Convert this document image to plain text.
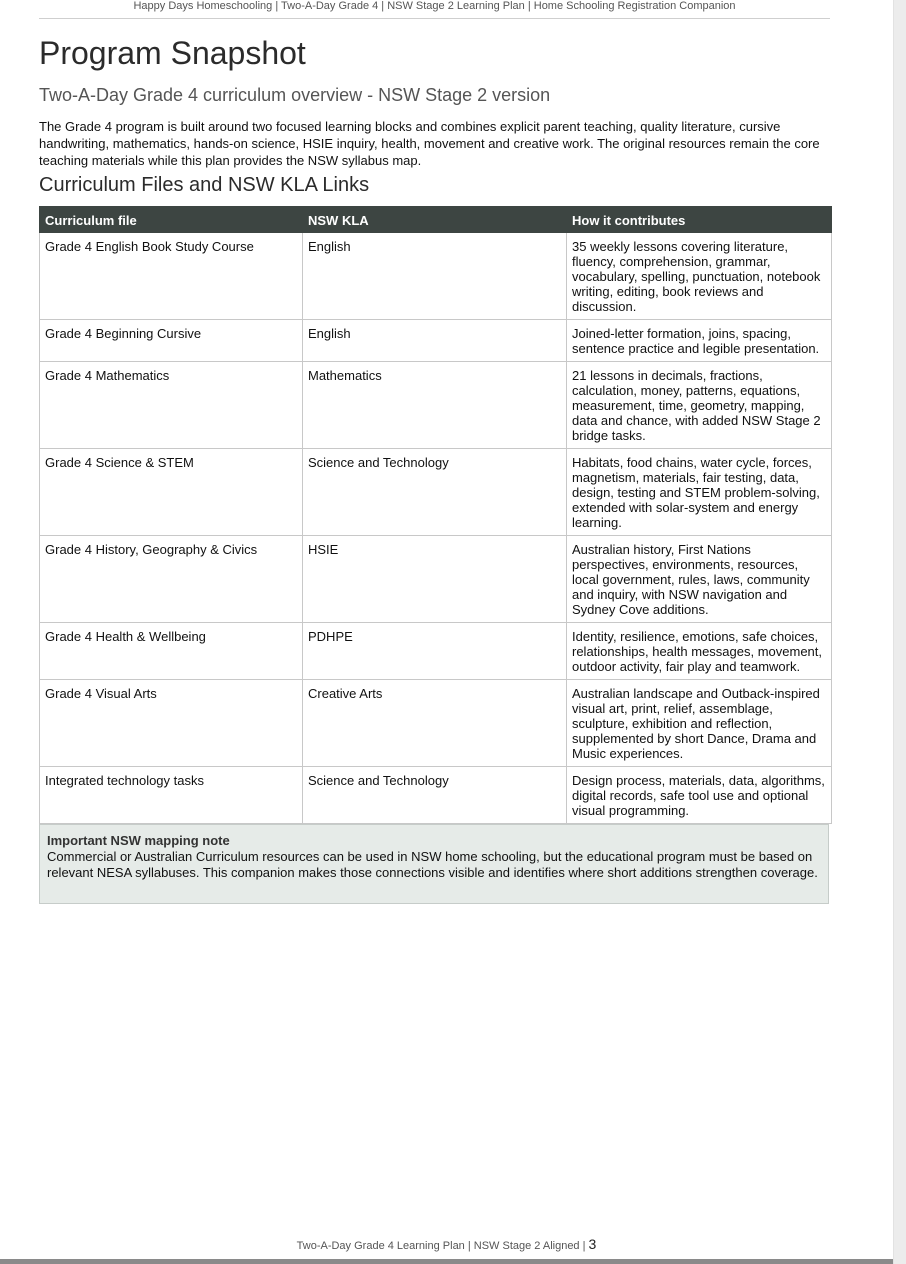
Happy Days Homeschooling | Two-A-Day Grade 4 | NSW Stage 2 Learning Plan | Home Schooling Registration Companion
Program Snapshot
Two-A-Day Grade 4 curriculum overview - NSW Stage 2 version

The Grade 4 program is built around two focused learning blocks and combines explicit parent teaching, quality literature, cursive handwriting, mathematics, hands-on science, HSIE inquiry, health, movement and creative work. The original resources remain the core teaching materials while this plan provides the NSW syllabus map.

Curriculum Files and NSW KLA Links
Curriculum file	NSW KLA	How it contributes
Grade 4 English Book Study Course	English	35 weekly lessons covering literature, fluency, comprehension, grammar, vocabulary, spelling, punctuation, notebook writing, editing, book reviews and discussion.
Grade 4 Beginning Cursive	English	Joined-letter formation, joins, spacing, sentence practice and legible presentation.
Grade 4 Mathematics	Mathematics	21 lessons in decimals, fractions, calculation, money, patterns, equations, measurement, time, geometry, mapping, data and chance, with added NSW Stage 2 bridge tasks.
Grade 4 Science & STEM	Science and Technology	Habitats, food chains, water cycle, forces, magnetism, materials, fair testing, data, design, testing and STEM problem-solving, extended with solar-system and energy learning.
Grade 4 History, Geography & Civics	HSIE	Australian history, First Nations perspectives, environments, resources, local government, rules, laws, community and inquiry, with NSW navigation and Sydney Cove additions.
Grade 4 Health & Wellbeing	PDHPE	Identity, resilience, emotions, safe choices, relationships, health messages, movement, outdoor activity, fair play and teamwork.
Grade 4 Visual Arts	Creative Arts	Australian landscape and Outback-inspired visual art, print, relief, assemblage, sculpture, exhibition and reflection, supplemented by short Dance, Drama and Music experiences.
Integrated technology tasks	Science and Technology	Design process, materials, data, algorithms, digital records, safe tool use and optional visual programming.
Important NSW mapping note
Commercial or Australian Curriculum resources can be used in NSW home schooling, but the educational program must be based on relevant NESA syllabuses. This companion makes those connections visible and identifies where short additions strengthen coverage.
Two-A-Day Grade 4 Learning Plan | NSW Stage 2 Aligned | 3
